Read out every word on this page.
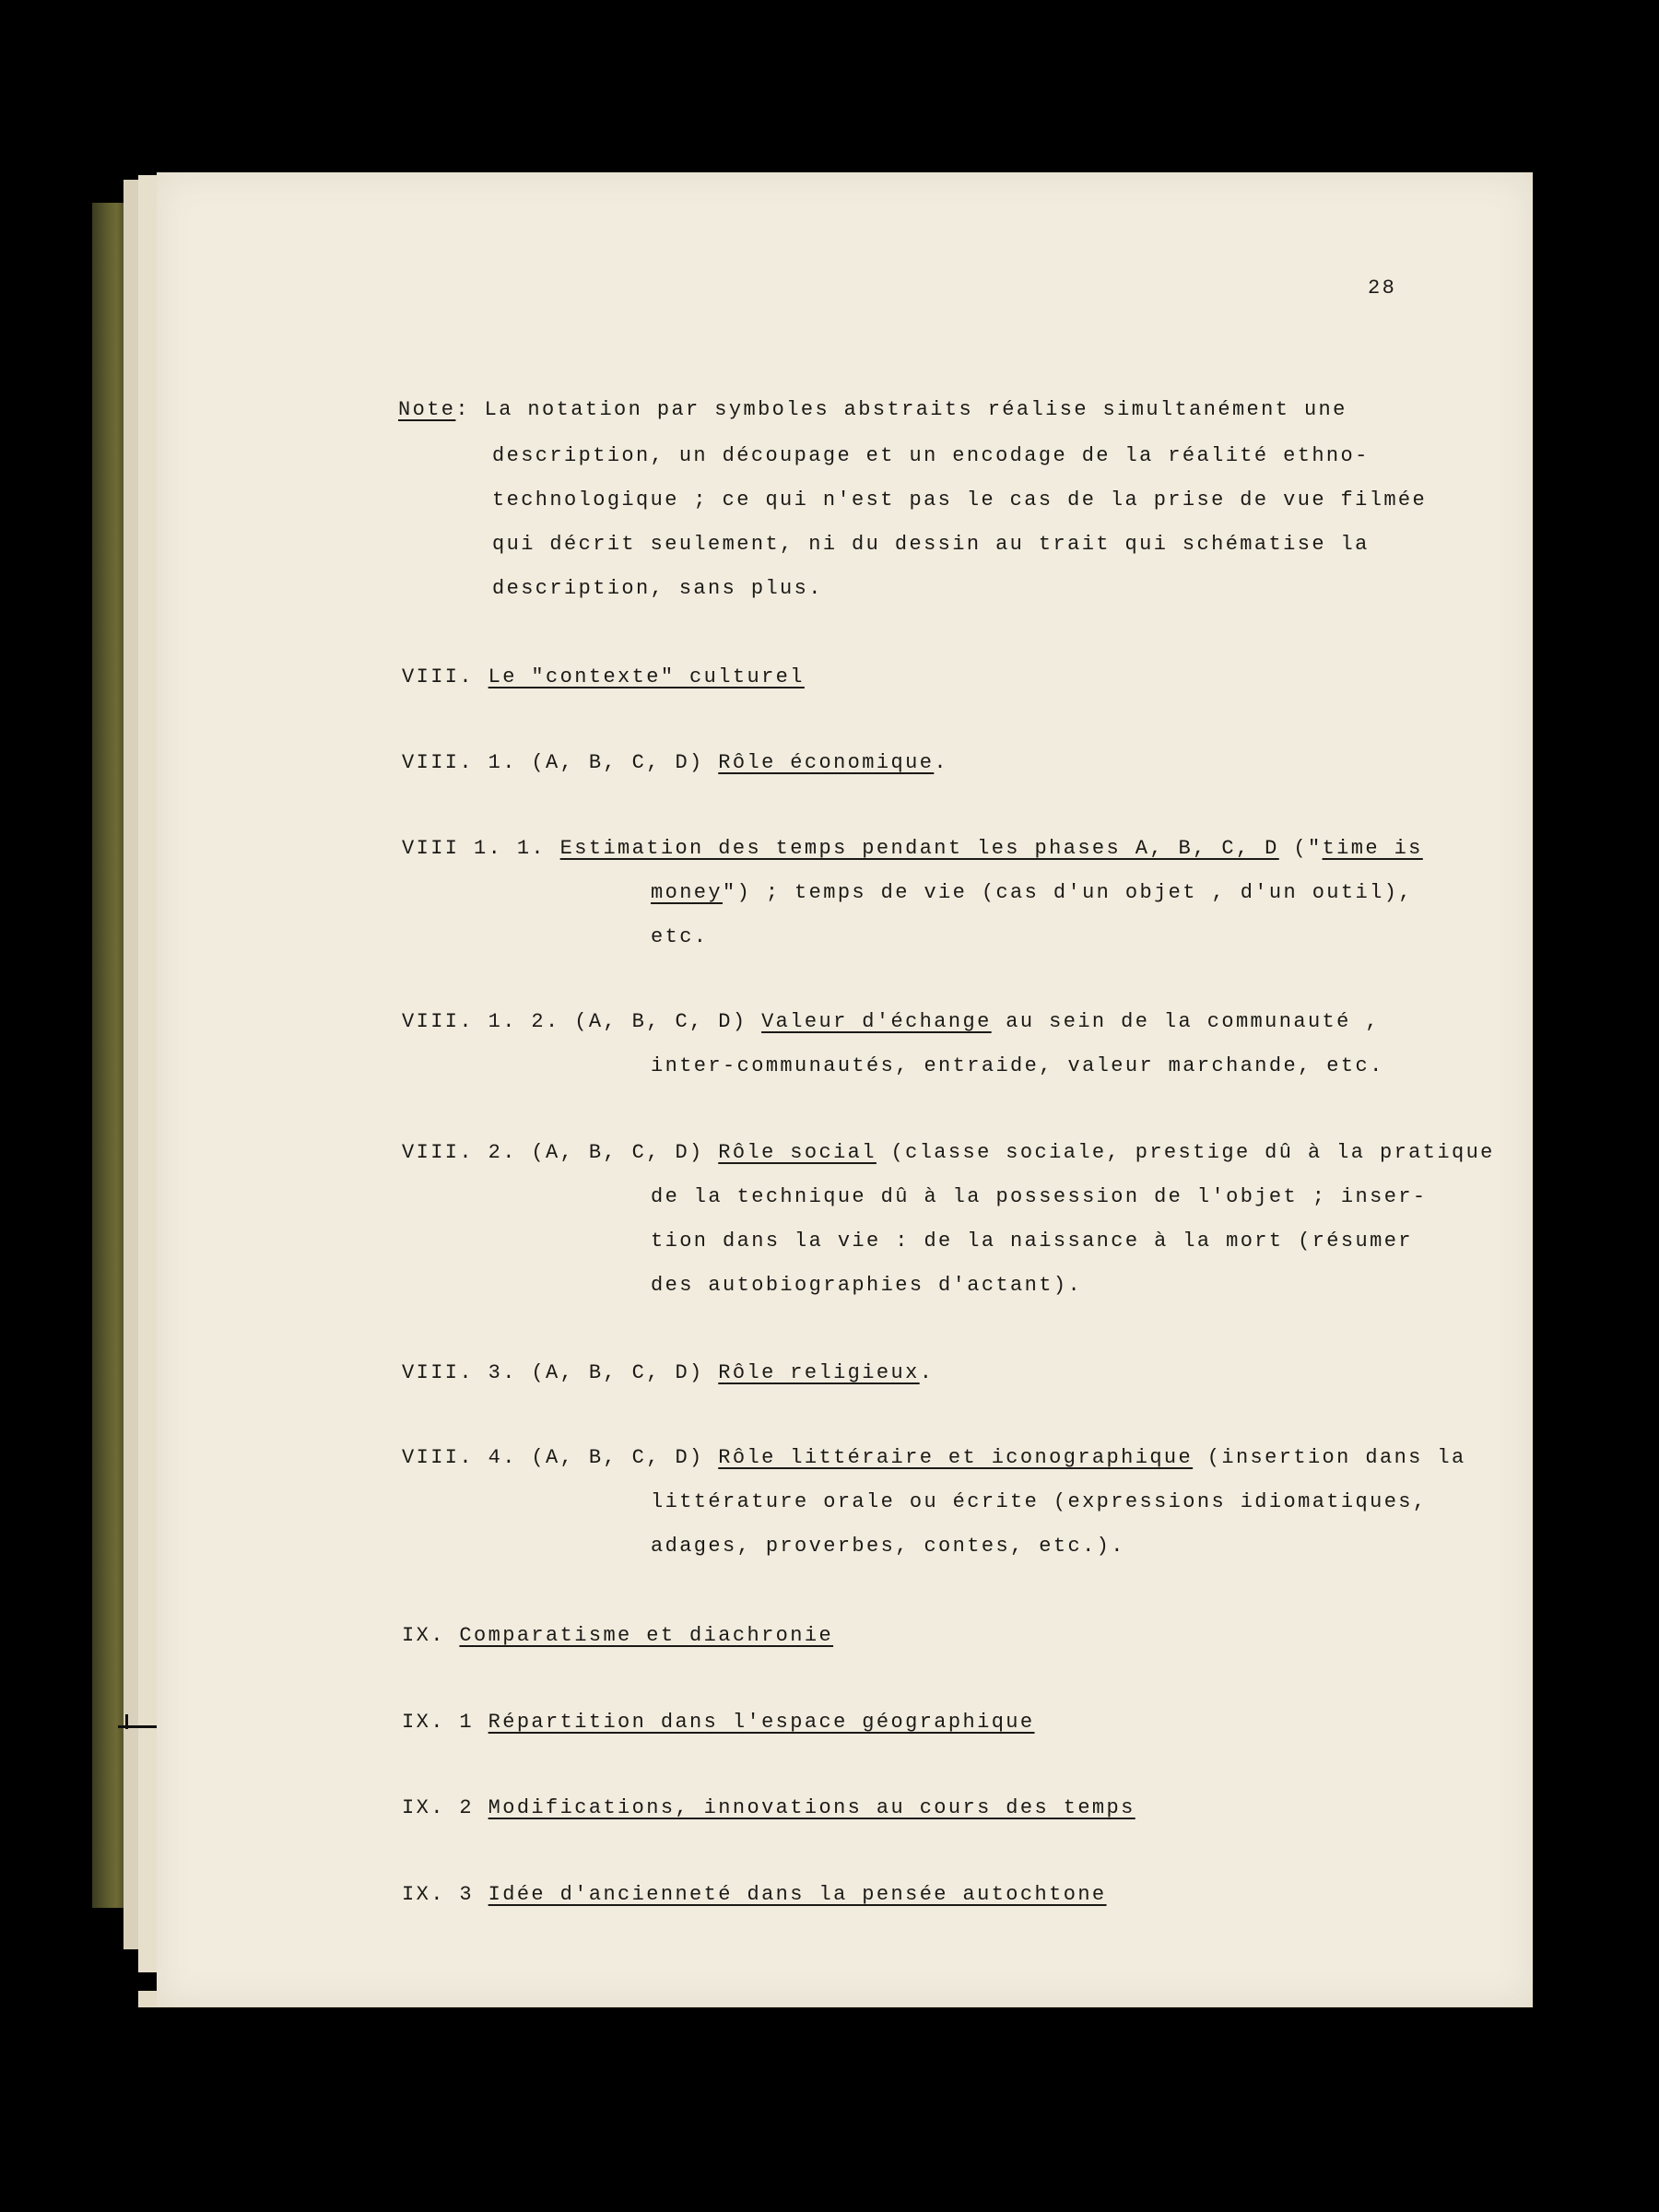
28
Note: La notation par symboles abstraits réalise simultanément une
description, un découpage et un encodage de la réalité ethno-
technologique ; ce qui n'est pas le cas de la prise de vue filmée
qui décrit seulement, ni du dessin au trait qui schématise la
description, sans plus.
VIII. Le "contexte" culturel
VIII. 1. (A, B, C, D) Rôle économique.
VIII 1. 1. Estimation des temps pendant les phases A, B, C, D ("time is
money") ; temps de vie (cas d'un objet , d'un outil),
etc.
VIII. 1. 2. (A, B, C, D) Valeur d'échange au sein de la communauté ,
inter-communautés, entraide, valeur marchande, etc.
VIII. 2. (A, B, C, D) Rôle social (classe sociale, prestige dû à la pratique
de la technique dû à la possession de l'objet ; inser-
tion dans la vie : de la naissance à la mort (résumer
des autobiographies d'actant).
VIII. 3. (A, B, C, D) Rôle religieux.
VIII. 4. (A, B, C, D) Rôle littéraire et iconographique (insertion dans la
littérature orale ou écrite (expressions idiomatiques,
adages, proverbes, contes, etc.).
IX. Comparatisme et diachronie
IX. 1 Répartition dans l'espace géographique
IX. 2 Modifications, innovations au cours des temps
IX. 3 Idée d'ancienneté dans la pensée autochtone
